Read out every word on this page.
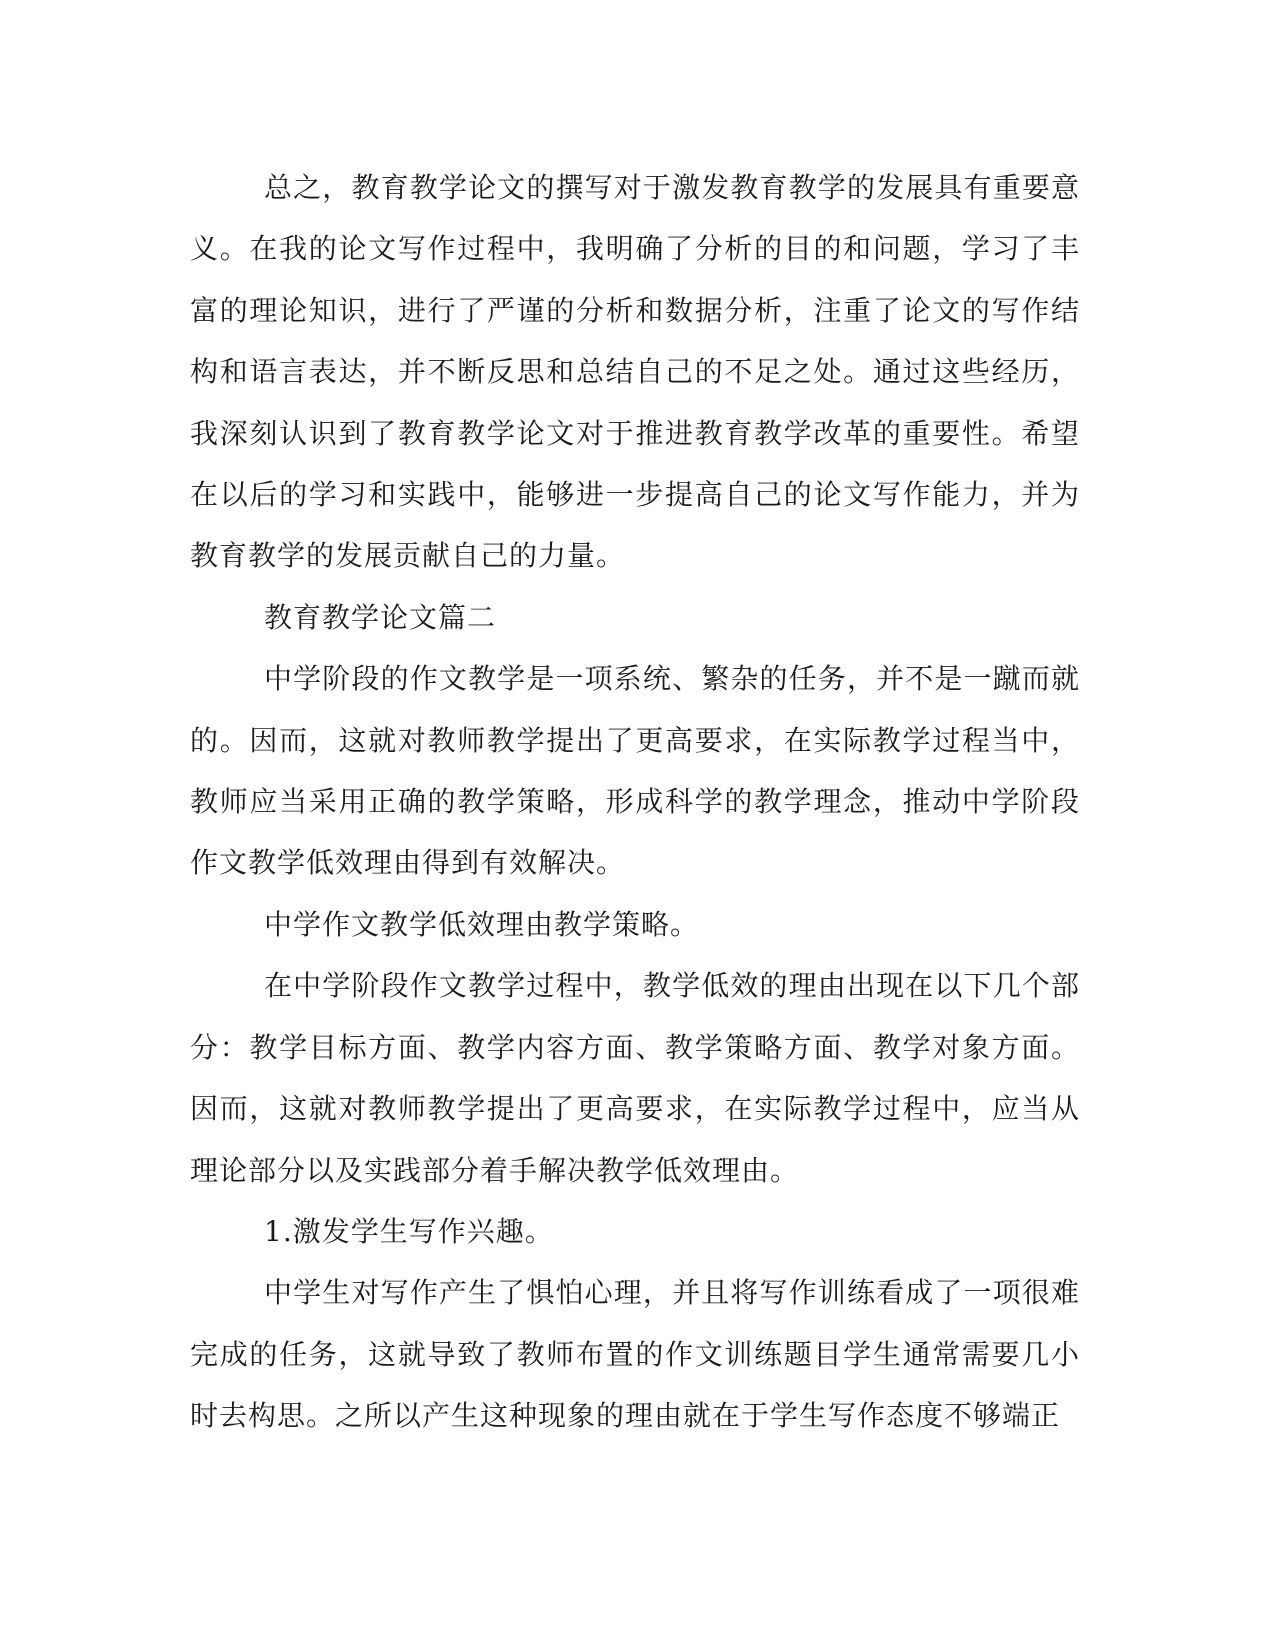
总之，教育教学论文的撰写对于激发教育教学的发展具有重要意义。在我的论文写作过程中，我明确了分析的目的和问题，学习了丰富的理论知识，进行了严谨的分析和数据分析，注重了论文的写作结构和语言表达，并不断反思和总结自己的不足之处。通过这些经历，我深刻认识到了教育教学论文对于推进教育教学改革的重要性。希望在以后的学习和实践中，能够进一步提高自己的论文写作能力，并为教育教学的发展贡献自己的力量。

教育教学论文篇二

中学阶段的作文教学是一项系统、繁杂的任务，并不是一蹴而就的。因而，这就对教师教学提出了更高要求，在实际教学过程当中，教师应当采用正确的教学策略，形成科学的教学理念，推动中学阶段作文教学低效理由得到有效解决。

中学作文教学低效理由教学策略。

在中学阶段作文教学过程中，教学低效的理由出现在以下几个部分：教学目标方面、教学内容方面、教学策略方面、教学对象方面。因而，这就对教师教学提出了更高要求，在实际教学过程中，应当从理论部分以及实践部分着手解决教学低效理由。

1.激发学生写作兴趣。

中学生对写作产生了惧怕心理，并且将写作训练看成了一项很难完成的任务，这就导致了教师布置的作文训练题目学生通常需要几小时去构思。之所以产生这种现象的理由就在于学生写作态度不够端正
